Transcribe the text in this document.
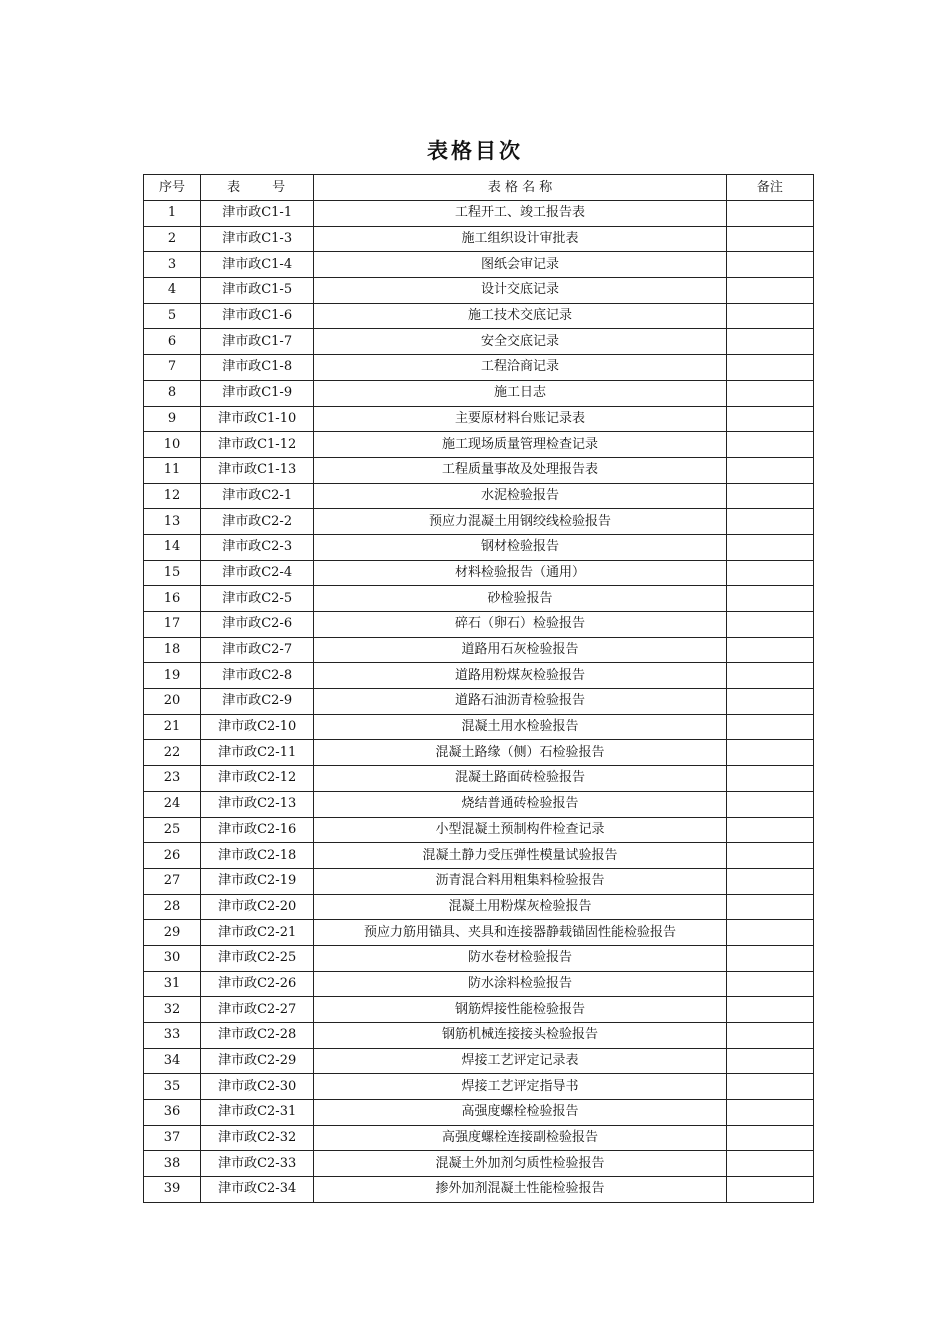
表格目次
序号	表　　号	表 格 名 称	备注
1	津市政C1-1	工程开工、竣工报告表	
2	津市政C1-3	施工组织设计审批表	
3	津市政C1-4	图纸会审记录	
4	津市政C1-5	设计交底记录	
5	津市政C1-6	施工技术交底记录	
6	津市政C1-7	安全交底记录	
7	津市政C1-8	工程洽商记录	
8	津市政C1-9	施工日志	
9	津市政C1-10	主要原材料台账记录表	
10	津市政C1-12	施工现场质量管理检查记录	
11	津市政C1-13	工程质量事故及处理报告表	
12	津市政C2-1	水泥检验报告	
13	津市政C2-2	预应力混凝土用钢绞线检验报告	
14	津市政C2-3	钢材检验报告	
15	津市政C2-4	材料检验报告（通用）	
16	津市政C2-5	砂检验报告	
17	津市政C2-6	碎石（卵石）检验报告	
18	津市政C2-7	道路用石灰检验报告	
19	津市政C2-8	道路用粉煤灰检验报告	
20	津市政C2-9	道路石油沥青检验报告	
21	津市政C2-10	混凝土用水检验报告	
22	津市政C2-11	混凝土路缘（侧）石检验报告	
23	津市政C2-12	混凝土路面砖检验报告	
24	津市政C2-13	烧结普通砖检验报告	
25	津市政C2-16	小型混凝土预制构件检查记录	
26	津市政C2-18	混凝土静力受压弹性模量试验报告	
27	津市政C2-19	沥青混合料用粗集料检验报告	
28	津市政C2-20	混凝土用粉煤灰检验报告	
29	津市政C2-21	预应力筋用锚具、夹具和连接器静载锚固性能检验报告	
30	津市政C2-25	防水卷材检验报告	
31	津市政C2-26	防水涂料检验报告	
32	津市政C2-27	钢筋焊接性能检验报告	
33	津市政C2-28	钢筋机械连接接头检验报告	
34	津市政C2-29	焊接工艺评定记录表	
35	津市政C2-30	焊接工艺评定指导书	
36	津市政C2-31	高强度螺栓检验报告	
37	津市政C2-32	高强度螺栓连接副检验报告	
38	津市政C2-33	混凝土外加剂匀质性检验报告	
39	津市政C2-34	掺外加剂混凝土性能检验报告	
